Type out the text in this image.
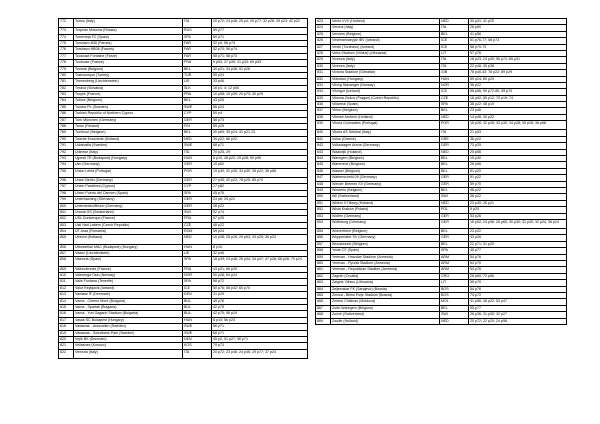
772	Torino (Italy)	ITA	20 p72; 24 p46; 25 p4; 29 p77; 32 p28; 39 p23; 42 p22
773	Torpedo Moscow (Russia)	RUS	55 p77
774	Torrevieja FC (Spain)	SPA	59 p71
775	Torshavn B36 (Faroes)	FAR	32 p0; 56 p74
776	Torshavn HB06 (Faroes)	FAR	52 p70; 56 p74
777	Toulouse Fontaine (Faroe)	FAR	58 p71; 58 p73
778	Toulouse (France)	FRA	9 p53; 27 p39; 31 p33; 65 p53
779	Tournai (Belgium)	BEL	30 p21; 34 p36; 51 p26
780	Trabzonspor (Turkey)	TUR	55 p24
781	Triesenberg (Liechtenstein)	LIE	33 p46
782	Trnava (Slovakia)	SLK	16 p1; 4; 12 p50
783	Troyes (France)	FRA	10 p58; 19 p39; 20 p73; 30 p29
784	Tubize (Belgium)	BEL	43 p25
785	Tumba FK (Sweden)	SWE	56 p24
786	Turkish Republic of Northern Cyprus	CYP	59 p4
787	Turn München (Germany)	GER	58 p73
788	Turku (Finland)	FIN	55 p25
789	Turnhout (Belgium)	BEL	30 p69; 39 p24; 41 p21 23
790	Twente Enschede (Holland)	NED	35 p22; 66 p22
791	Uddevalla (Sweden)	SWE	68 p71
792	Udinese (Italy)	ITA	70 p25- 29
793	Ujpesti TE (Budapest) (Hungary)	HUN	8 p10; 28 p22; 29 p28; 50 p95
794	Ulm (Germany)	GER	10 p62
795	Union Leiria (Portugal)	POR	19 p30; 32 p30; 33 p30; 35 p22; 38 p68
796	Union Berlin (Germany)	GER	27 p45; 42 p22; 78 p25; 85 p70
797	Union Paralimni (Cyprus)	CYP	17 p82
798	Union Puerto del Carmen (Spain)	SPA	45 p76
799	Unterhaching (Germany)	GER	23 p6; 25 p21
800	Unterrieden/Brunn (Germany)	GER	38 p22
801	Urania GS (Switzerland)	SWI	52 p74
802	USL Dunkerque (France)	FRA	67 p25
803	Usti Nad Labem (Czech Republic)	CZE	48 p22
804	UT Arad (Romania)	ROM	59 p24
805	Utrecht (Holland)	NED	10 p48; 25 p26; 29 p53; 33 p25; 36 p23
806	Uttorsiellan MAC (Budapest) (Hungary)	HUN	8 p10
807	Vaduz (Liechtenstein)	LIE	32 p46
808	Valencia (Spain)	SPA	18 p39; 24 p46; 25 p34; 34 p47; 47 p28; 68 p28; 70 p24
809	Valenciennes (France)	FRA	43 p21; 66 p29
810	Valerenga Oslo (Norway)	NOR	50 p28; 54 p24
811	Valle Fontana (Tenerife)	SPA	58 p72
812	Valur Reykjavik (Iceland)	ICE	50 p76; 58 p32; 60 p70
813	Vanløse IF (Denmark)	DEN	31 p29
814	Varna - Cherno More (Bulgaria)	BUL	45 p76
815	Varna - Spartak (Bulgaria)	BUL	42 p75
816	Varna - Yuri Gagarin Stadium (Bulgaria)	BUL	42 p75; 56 p24
817	Vasas SC Budapest (Hungary)	HUN	8 p10; 56 p24
818	Vastanas - Arosvallen (Sweden)	SWE	56 p71
819	Vastanas - Swedbank Park (Sweden)	SWE	68 p71
820	Vejle BK (Denmark)	DEN	45 p2; 51 p27; 56 p71
821	Vellasnes (Kosovo)	KOS	79 p73
822	Venezia (Italy)	ITA	20 p72; 23 p46; 24 p46; 29 p77; 37 p24
823	Venlo VVV (Holland)	NED	30 p31; 41 p20
824	Verona (Italy)	ITA	26 p50
825	Verviers (Belgium)	BEL	41 p56
826	Vestmannaeyjar IBV (Iceland)	ICE	51 p76-77; 58 p73
827	Vestri (Tórshavn) (Iceland)	ICE	58 p70-73
828	Vetra Stadium (Vilnius) (Lithuania)	LIT	57 p76
829	Vicenza (Italy)	ITA	18 p23; 24 p30; 56 p71; 65 p31
830	Vicenza (Italy)	ITA	22 p46; 30 p38
831	Victoria Stadium (Gibraltar)	GIB	78 p40-43; 78 p22; 89 p29
832	Videoton (Hungary)	HUN	59 p24; 60 p20
833	Viking Stavanger (Norway)	NOR	36 p22
834	Vikingur (Iceland)	ICE	58 p56; 59 p72-80; 59 p70
835	Viktoria Zizkov (Prague) (Czech Republic)	CZE	16 p52; 55 p12; 70 p19; 74
836	Villarreal (Spain)	SPA	38 p22; 48 p19
837	Virton (Belgium)	BEL	23 p46
838	Vitesse Arnhem (Holland)	NED	14 p46; 30 p22
839	Vitoria Guimarães (Portugal)	POR	16 p26; 32 p26; 33 p30; 34 p28; 35 p28; 38 p68
840	Vitoria AS Setúbal (Italy)	ITA	21 p53
841	Volos (Greece)	GRE	36 p22
842	Volkswagen Arena (Germany)	GER	73 p25
843	Waalwijk (Holland)	NED	25 p56
844	Waregem (Belgium)	BEL	19 p30
845	Waremme (Belgium)	BEL	26 p56
846	Wassel (Belgium)	BEL	51 p20
847	Wattenscheid 09 (Germany)	GER	51 p22
848	Werder Bremen SV (Germany)	GER	59 p70
849	Westerlo (Belgium)	BEL	48 p22
850	Wil (Switzerland)	SWI	36 p22
851	Willem II Tilburg (Holland)	NED	23 p30; 26 p21
852	Wisla Krakow (Poland)	POL	5 p20
853	Wolfen (Germany)	GER	53 p26
854	Wolfsburg (Germany)	GER	16 p52; 24 p56; 26 p60; 30 p30; 31 p30; 32 p24; 36 p24
855	Wolverthem (Belgium)	BEL	23 p22
856	Wuppertaler SV (Germany)	GER	43 p26
857	Wuustwezel (Belgium)	BEL	22 p71; 31 p20
858	Yeste CF (Spain)	SPA	45 p77
859	Yerevan - Hrazdan Stadium (Armenia)	ARM	54 p76
860	Yerevan - Pyunik Stadium (Armenia)	ARM	54 p70
861	Yerevan - Republican Stadium (Armenia)	ARM	54 p76
862	Zagreb (Croatia)	CRO	26 p60; 72 p56
863	Zalgiris Vilnius (Lithuania)	LIT	55 p70
864	Zeljeznicar FK (Sarajevo) (Bosnia)	BOS	54 p76
865	Zenica - Bilino Polje Stadium (Bosnia)	BOS	74 p72
866	Zimbru Chisinau (Moldova)	MOL	41 p56; 48 p22; 53 p47
867	Zulte-Waregem (Belgium)	BEL	55 p77
868	Zurich (Switzerland)	SWI	26 p36; 31 p30; 32 p27
869	Zwolle (Holland)	NED	20 p72; 22 p20; 24 p58
